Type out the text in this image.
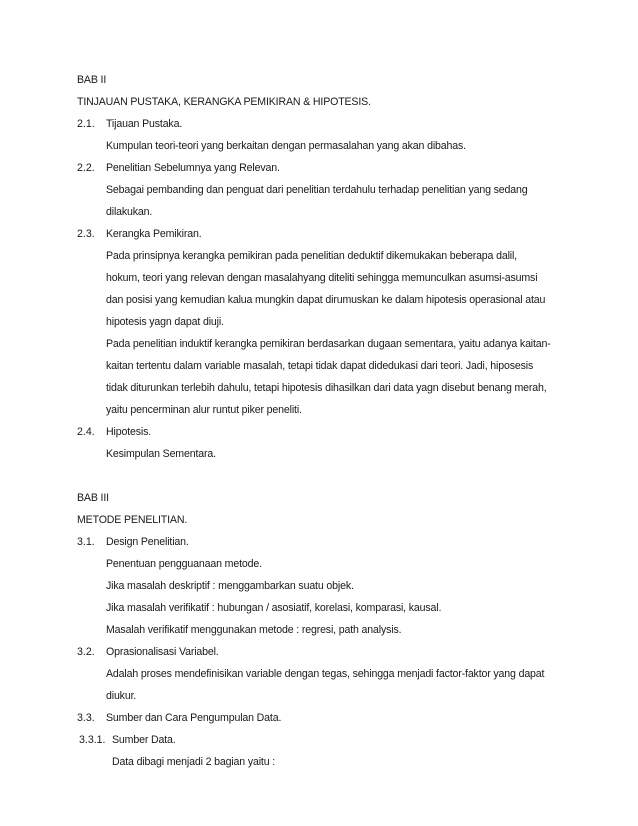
BAB II
TINJAUAN PUSTAKA, KERANGKA PEMIKIRAN & HIPOTESIS.
2.1. Tijauan Pustaka.
Kumpulan teori-teori yang berkaitan dengan permasalahan yang akan dibahas.
2.2. Penelitian Sebelumnya yang Relevan.
Sebagai pembanding dan penguat dari penelitian terdahulu terhadap penelitian yang sedang
dilakukan.
2.3. Kerangka Pemikiran.
Pada prinsipnya kerangka pemikiran pada penelitian deduktif dikemukakan beberapa dalil,
hokum, teori yang relevan dengan masalahyang diteliti sehingga memunculkan asumsi-asumsi
dan posisi yang kemudian kalua mungkin dapat dirumuskan ke dalam hipotesis operasional atau
hipotesis yagn dapat diuji.
Pada penelitian induktif kerangka pemikiran berdasarkan dugaan sementara, yaitu adanya kaitan-
kaitan tertentu dalam variable masalah, tetapi tidak dapat didedukasi dari teori. Jadi, hiposesis
tidak diturunkan terlebih dahulu, tetapi hipotesis dihasilkan dari data yagn disebut benang merah,
yaitu pencerminan alur runtut piker peneliti.
2.4. Hipotesis.
Kesimpulan Sementara.
BAB III
METODE PENELITIAN.
3.1. Design Penelitian.
Penentuan pengguanaan metode.
Jika masalah deskriptif : menggambarkan suatu objek.
Jika masalah verifikatif : hubungan / asosiatif, korelasi, komparasi, kausal.
Masalah verifikatif menggunakan metode : regresi, path analysis.
3.2. Oprasionalisasi Variabel.
Adalah proses mendefinisikan variable dengan tegas, sehingga menjadi factor-faktor yang dapat
diukur.
3.3. Sumber dan Cara Pengumpulan Data.
3.3.1. Sumber Data.
Data dibagi menjadi 2 bagian yaitu :
